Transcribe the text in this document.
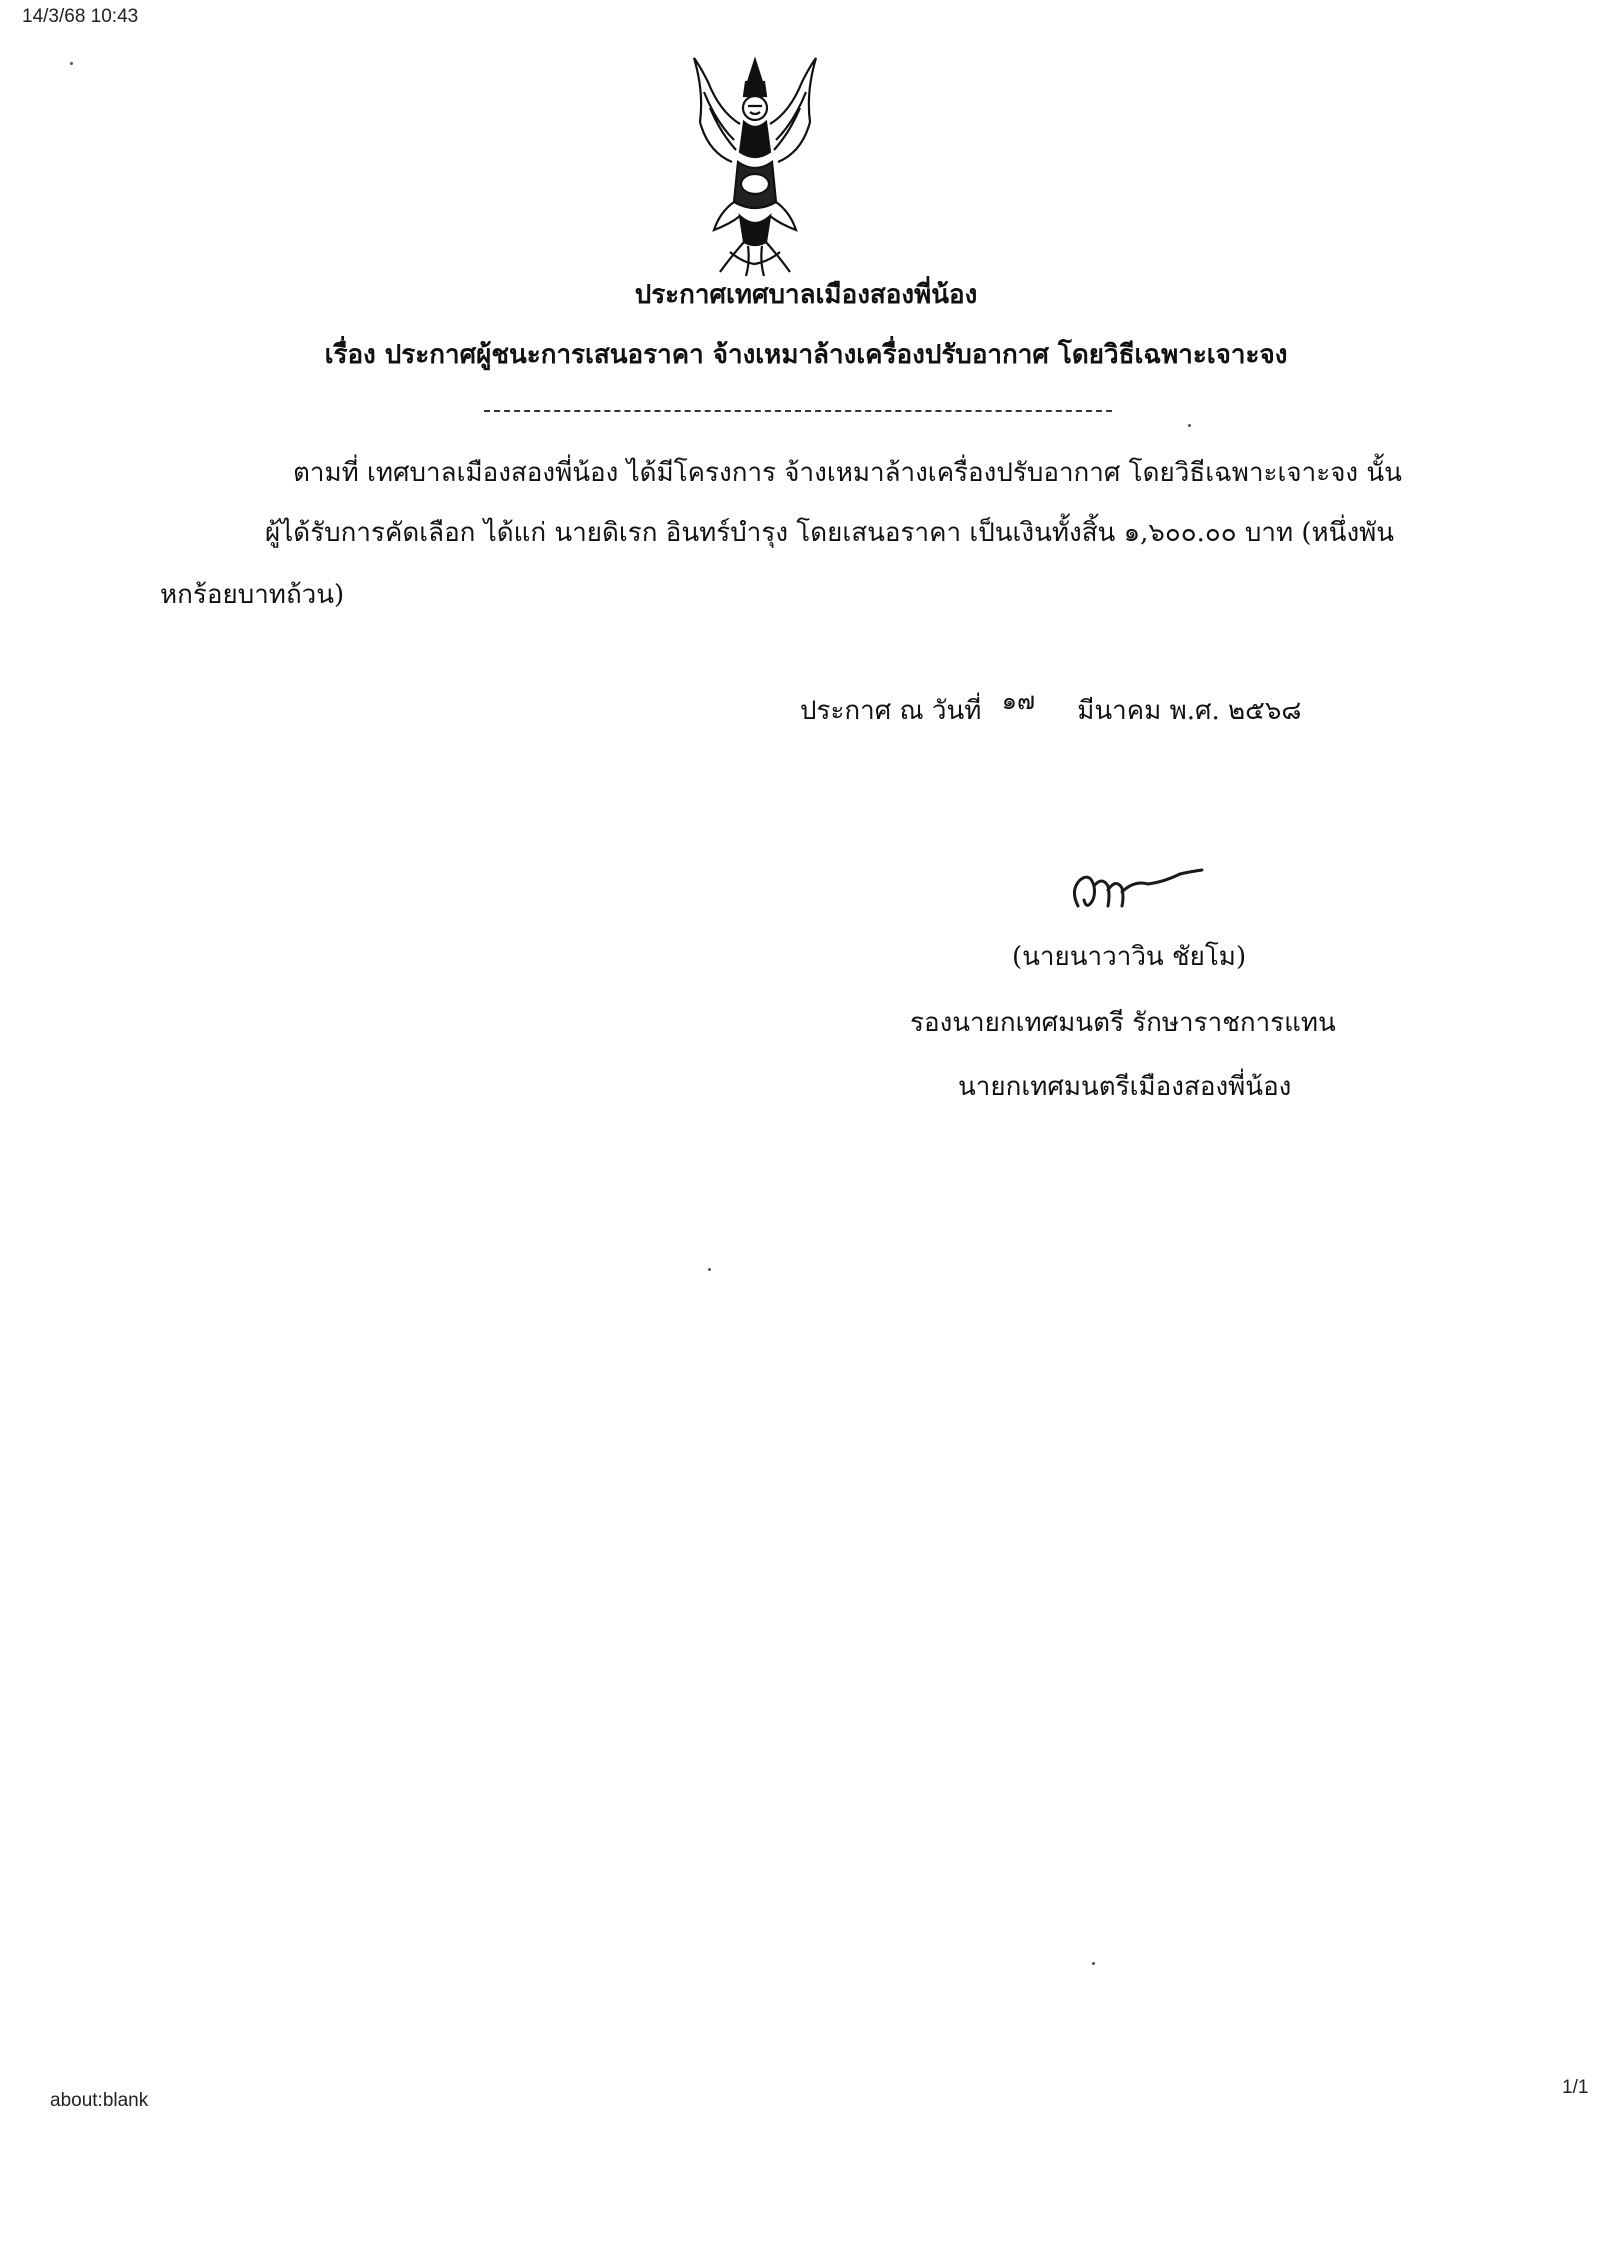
14/3/68 10:43
ประกาศเทศบาลเมืองสองพี่น้อง
เรื่อง ประกาศผู้ชนะการเสนอราคา จ้างเหมาล้างเครื่องปรับอากาศ โดยวิธีเฉพาะเจาะจง
ตามที่ เทศบาลเมืองสองพี่น้อง ได้มีโครงการ จ้างเหมาล้างเครื่องปรับอากาศ โดยวิธีเฉพาะเจาะจง นั้น
ผู้ได้รับการคัดเลือก ได้แก่ นายดิเรก อินทร์บำรุง โดยเสนอราคา เป็นเงินทั้งสิ้น ๑,๖๐๐.๐๐ บาท (หนึ่งพัน
หกร้อยบาทถ้วน)
ประกาศ ณ วันที่ ๑๗ มีนาคม พ.ศ. ๒๕๖๘
(นายนาวาวิน ชัยโม)
รองนายกเทศมนตรี รักษาราชการแทน
นายกเทศมนตรีเมืองสองพี่น้อง
about:blank
1/1
